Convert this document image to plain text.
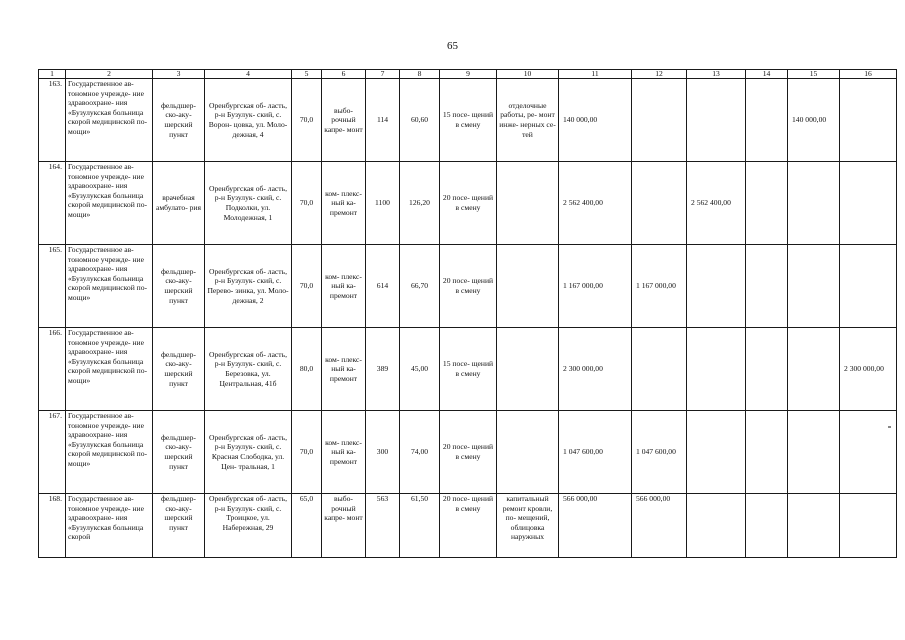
65
1	2	3	4	5	6	7	8	9	10	11	12	13	14	15	16
163.	Государственное ав- тономное учрежде- ние здравоохране- ния «Бузулукская больница скорой медицинской по- мощи»	фельдшер- ско-аку- шерский пункт	Оренбургская об- ласть, р-н Бузулук- ский, с. Ворон- цовка, ул. Моло- дежная, 4	70,0	выбо- рочный капре- монт	114	60,60	15 посе- щений в смену	отделочные работы, ре- монт инже- нерных се- тей	140 000,00				140 000,00	
164.	Государственное ав- тономное учрежде- ние здравоохране- ния «Бузулукская больница скорой медицинской по- мощи»	врачебная амбулато- рия	Оренбургская об- ласть, р-н Бузулук- ский, с. Подколки, ул. Молодежная, 1	70,0	ком- плекс- ный ка- премонт	1100	126,20	20 посе- щений в смену		2 562 400,00		2 562 400,00			
165.	Государственное ав- тономное учрежде- ние здравоохране- ния «Бузулукская больница скорой медицинской по- мощи»	фельдшер- ско-аку- шерский пункт	Оренбургская об- ласть, р-н Бузулук- ский, с. Перево- зинка, ул. Моло- дежная, 2	70,0	ком- плекс- ный ка- премонт	614	66,70	20 посе- щений в смену		1 167 000,00	1 167 000,00				
166.	Государственное ав- тономное учрежде- ние здравоохране- ния «Бузулукская больница скорой медицинской по- мощи»	фельдшер- ско-аку- шерский пункт	Оренбургская об- ласть, р-н Бузулук- ский, с. Березовка, ул. Центральная, 41б	80,0	ком- плекс- ный ка- премонт	389	45,00	15 посе- щений в смену		2 300 000,00					2 300 000,00
167.	Государственное ав- тономное учрежде- ние здравоохране- ния «Бузулукская больница скорой медицинской по- мощи»	фельдшер- ско-аку- шерский пункт	Оренбургская об- ласть, р-н Бузулук- ский, с. Красная Слободка, ул. Цен- тральная, 1	70,0	ком- плекс- ный ка- премонт	300	74,00	20 посе- щений в смену		1 047 600,00	1 047 600,00				
168.	Государственное ав- тономное учрежде- ние здравоохране- ния «Бузулукская больница скорой	фельдшер- ско-аку- шерский пункт	Оренбургская об- ласть, р-н Бузулук- ский, с. Троицкое, ул. Набережная, 29	65,0	выбо- рочный капре- монт	563	61,50	20 посе- щений в смену	капитальный ремонт кровли, по- мещений, облицовка наружных	566 000,00	566 000,00				
